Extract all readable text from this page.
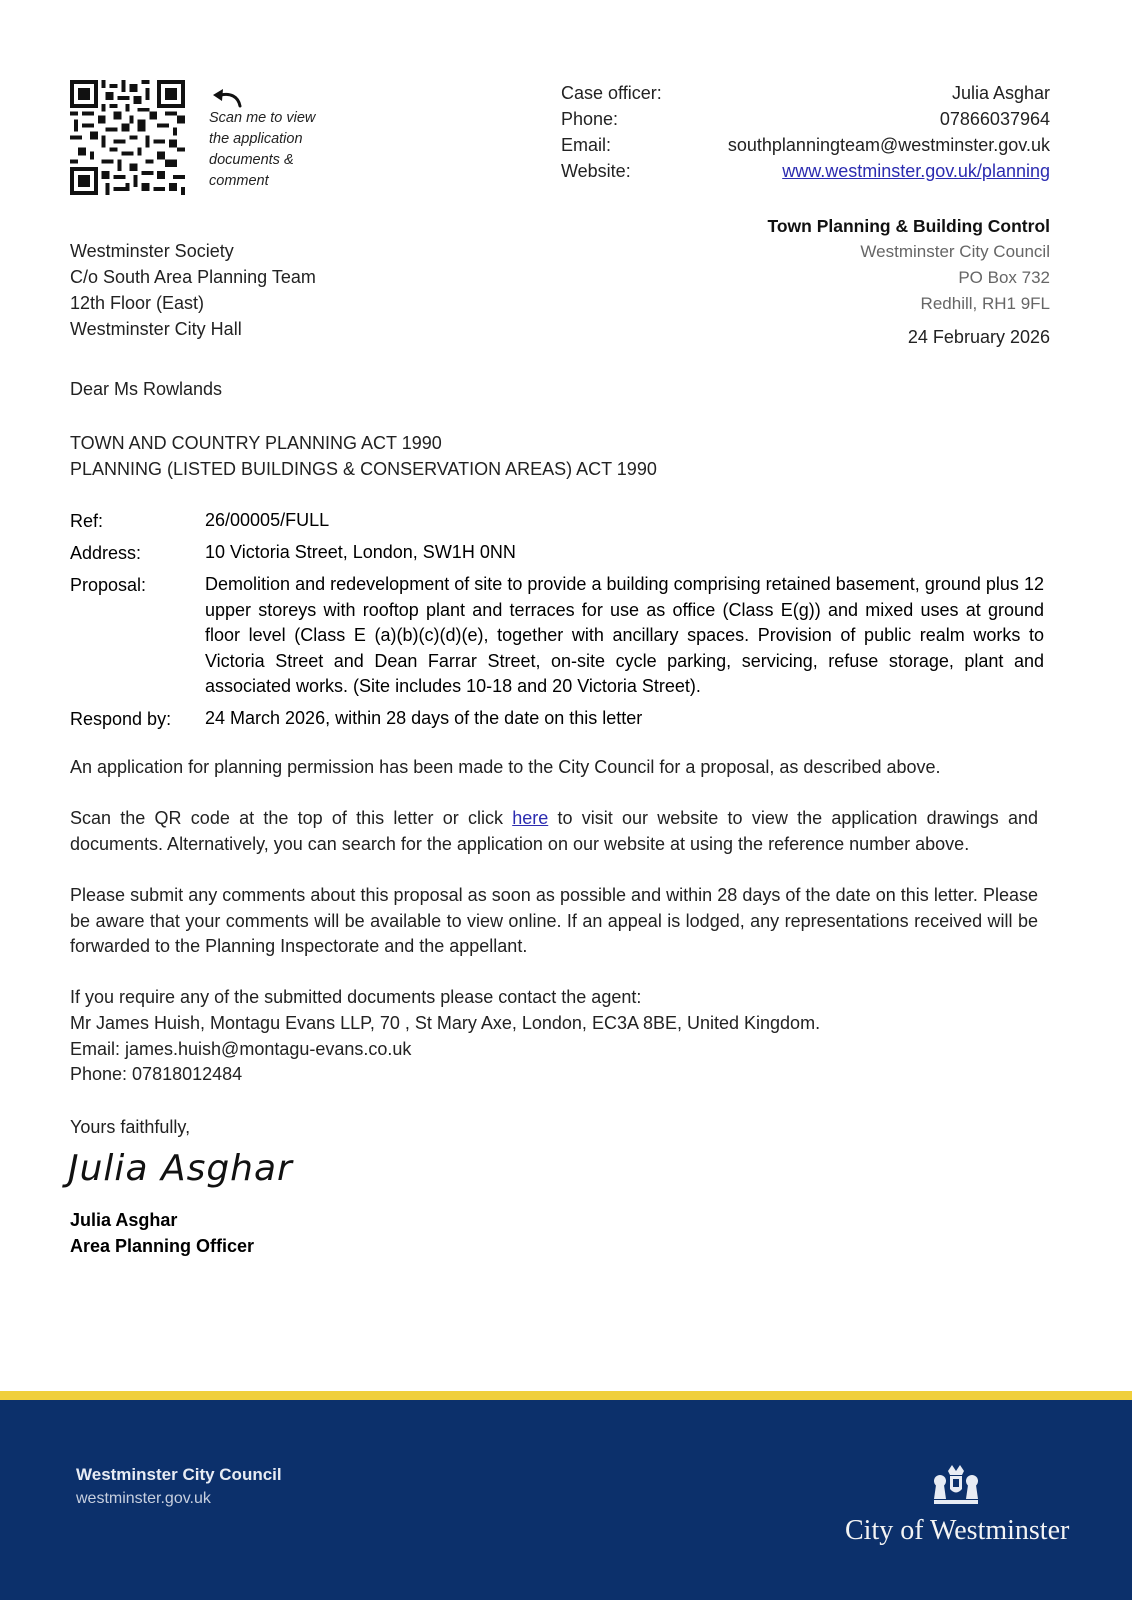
Scan me to view
the application
documents &
comment
Case officer:	Julia Asghar
Phone:	07866037964
Email:	southplanningteam@westminster.gov.uk
Website:	www.westminster.gov.uk/planning
Town Planning & Building Control
Westminster City Council
PO Box 732
Redhill, RH1 9FL
24 February 2026
Westminster Society
C/o South Area Planning Team
12th Floor (East)
Westminster City Hall
Dear Ms Rowlands
TOWN AND COUNTRY PLANNING ACT 1990
PLANNING (LISTED BUILDINGS & CONSERVATION AREAS) ACT 1990
Ref:	26/00005/FULL
Address:	10 Victoria Street, London, SW1H 0NN
Proposal:	Demolition and redevelopment of site to provide a building comprising retained basement, ground plus 12 upper storeys with rooftop plant and terraces for use as office (Class E(g)) and mixed uses at ground floor level (Class E (a)(b)(c)(d)(e), together with ancillary spaces. Provision of public realm works to Victoria Street and Dean Farrar Street, on-site cycle parking, servicing, refuse storage, plant and associated works. (Site includes 10-18 and 20 Victoria Street).
Respond by:	24 March 2026, within 28 days of the date on this letter

An application for planning permission has been made to the City Council for a proposal, as described above.

Scan the QR code at the top of this letter or click here to visit our website to view the application drawings and documents. Alternatively, you can search for the application on our website at using the reference number above.

Please submit any comments about this proposal as soon as possible and within 28 days of the date on this letter. Please be aware that your comments will be available to view online. If an appeal is lodged, any representations received will be forwarded to the Planning Inspectorate and the appellant.

If you require any of the submitted documents please contact the agent:
Mr James Huish, Montagu Evans LLP, 70 , St Mary Axe, London, EC3A 8BE, United Kingdom.
Email: james.huish@montagu-evans.co.uk
Phone: 07818012484
Yours faithfully,
Julia Asghar
Julia Asghar
Area Planning Officer
Westminster City Council
westminster.gov.uk
City of Westminster
